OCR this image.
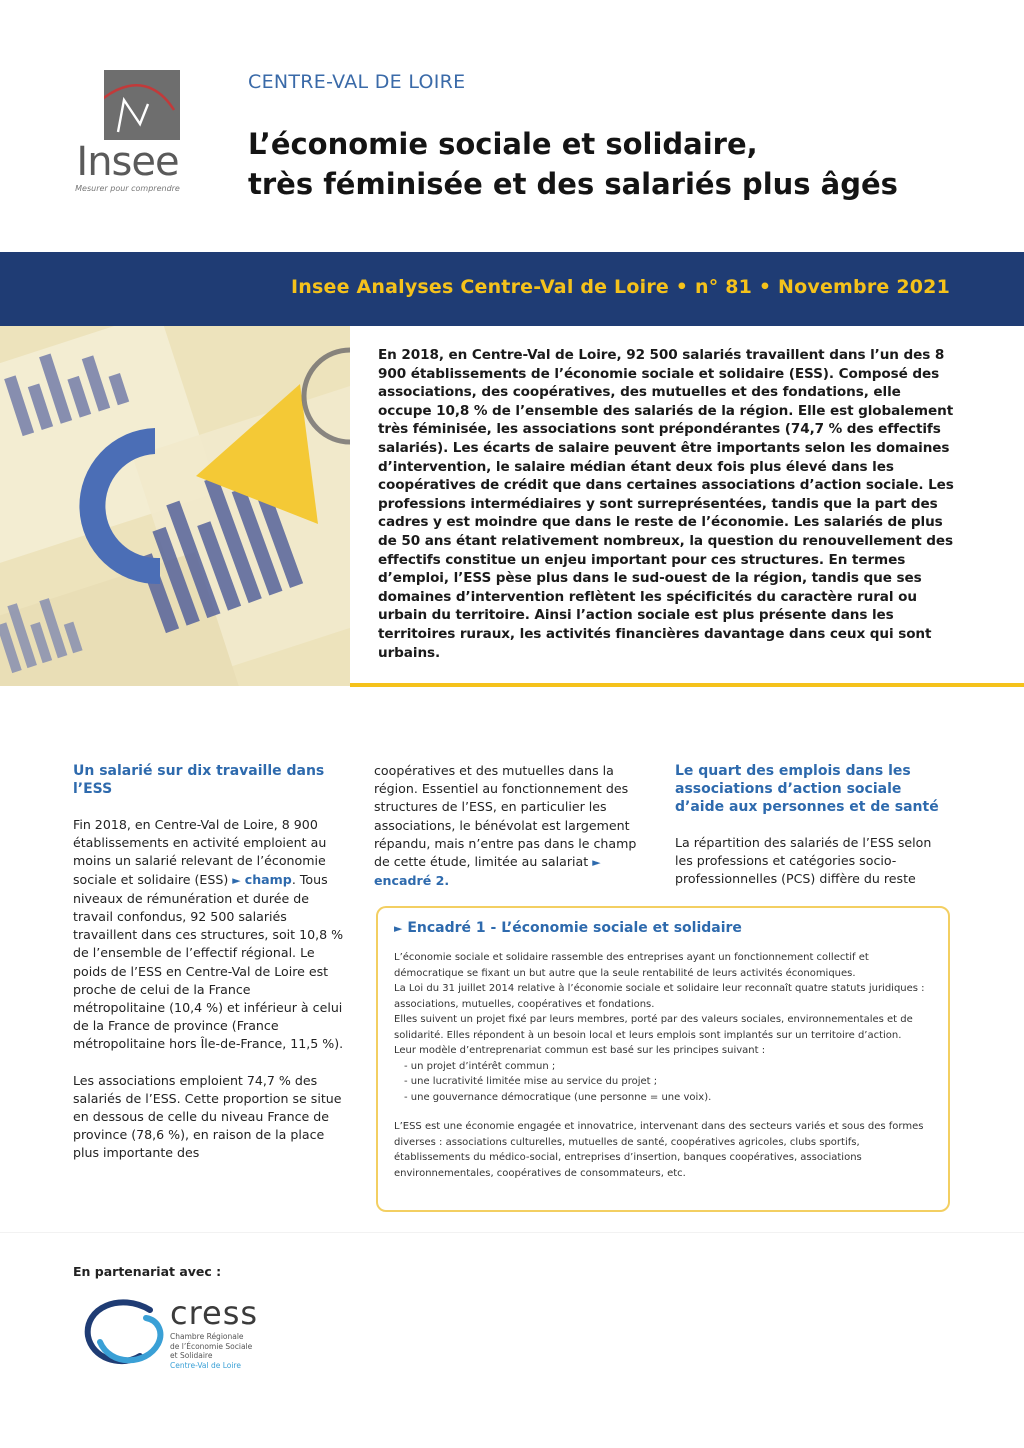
Insee
Mesurer pour comprendre
CENTRE-VAL DE LOIRE
L’économie sociale et solidaire,
très féminisée et des salariés plus âgés
Insee Analyses Centre-Val de Loire • n° 81 • Novembre 2021
En 2018, en Centre-Val de Loire, 92 500 salariés travaillent dans l’un des 8 900 établissements de l’économie sociale et solidaire (ESS). Composé des associations, des coopératives, des mutuelles et des fondations, elle occupe 10,8 % de l’ensemble des salariés de la région. Elle est globalement très féminisée, les associations sont prépondérantes (74,7 % des effectifs salariés). Les écarts de salaire peuvent être importants selon les domaines d’intervention, le salaire médian étant deux fois plus élevé dans les coopératives de crédit que dans certaines associations d’action sociale. Les professions intermédiaires y sont surreprésentées, tandis que la part des cadres y est moindre que dans le reste de l’économie. Les salariés de plus de 50 ans étant relativement nombreux, la question du renouvellement des effectifs constitue un enjeu important pour ces structures. En termes d’emploi, l’ESS pèse plus dans le sud-ouest de la région, tandis que ses domaines d’intervention reflètent les spécificités du caractère rural ou urbain du territoire. Ainsi l’action sociale est plus présente dans les territoires ruraux, les activités financières davantage dans ceux qui sont urbains.
Un salarié sur dix travaille dans l’ESS

Fin 2018, en Centre-Val de Loire, 8 900 établissements en activité emploient au moins un salarié relevant de l’économie sociale et solidaire (ESS) ► champ. Tous niveaux de rémunération et durée de travail confondus, 92 500 salariés travaillent dans ces structures, soit 10,8 % de l’ensemble de l’effectif régional. Le poids de l’ESS en Centre-Val de Loire est proche de celui de la France métropolitaine (10,4 %) et inférieur à celui de la France de province (France métropolitaine hors Île-de-France, 11,5 %).

Les associations emploient 74,7 % des salariés de l’ESS. Cette proportion se situe en dessous de celle du niveau France de province (78,6 %), en raison de la place plus importante des

coopératives et des mutuelles dans la région. Essentiel au fonctionnement des structures de l’ESS, en particulier les associations, le bénévolat est largement répandu, mais n’entre pas dans le champ de cette étude, limitée au salariat ► encadré 2.

Le quart des emplois dans les associations d’action sociale d’aide aux personnes et de santé

La répartition des salariés de l’ESS selon les professions et catégories socio-professionnelles (PCS) diffère du reste

► Encadré 1 - L’économie sociale et solidaire

L’économie sociale et solidaire rassemble des entreprises ayant un fonctionnement collectif et démocratique se fixant un but autre que la seule rentabilité de leurs activités économiques.

La Loi du 31 juillet 2014 relative à l’économie sociale et solidaire leur reconnaît quatre statuts juridiques : associations, mutuelles, coopératives et fondations.

Elles suivent un projet fixé par leurs membres, porté par des valeurs sociales, environnementales et de solidarité. Elles répondent à un besoin local et leurs emplois sont implantés sur un territoire d’action.

Leur modèle d’entreprenariat commun est basé sur les principes suivant :

- un projet d’intérêt commun ;

- une lucrativité limitée mise au service du projet ;

- une gouvernance démocratique (une personne = une voix).

L’ESS est une économie engagée et innovatrice, intervenant dans des secteurs variés et sous des formes diverses : associations culturelles, mutuelles de santé, coopératives agricoles, clubs sportifs, établissements du médico-social, entreprises d’insertion, banques coopératives, associations environnementales, coopératives de consommateurs, etc.

En partenariat avec :
cress
Chambre Régionale
de l’Économie Sociale
et Solidaire
Centre-Val de Loire
